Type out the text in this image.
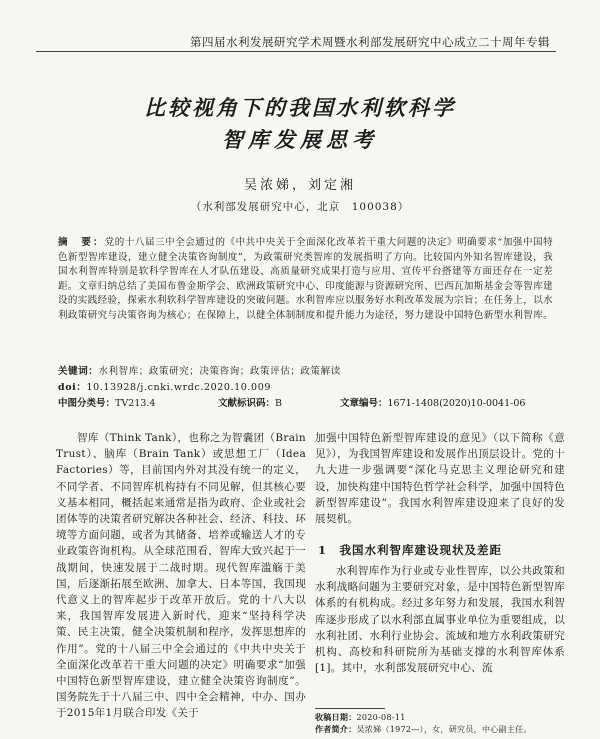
第四届水利发展研究学术周暨水利部发展研究中心成立二十周年专辑
比较视角下的我国水利软科学
智库发展思考
吴浓娣，刘定湘
（水利部发展研究中心，北京　100038）
摘　要：党的十八届三中全会通过的《中共中央关于全面深化改革若干重大问题的决定》明确要求“加强中国特色新型智库建设，建立健全决策咨询制度”，为政策研究类智库的发展指明了方向。比较国内外知名智库建设，我国水利智库特别是软科学智库在人才队伍建设、高质量研究成果打造与应用、宣传平台搭建等方面还存在一定差距。文章归纳总结了美国布鲁金斯学会、欧洲政策研究中心、印度能源与资源研究所、巴西瓦加斯基金会等智库建设的实践经验，探索水利软科学智库建设的突破问题。水利智库应以服务好水利改革发展为宗旨；在任务上，以水利政策研究与决策咨询为核心；在保障上，以健全体制制度和提升能力为途径，努力建设中国特色新型水利智库。
关键词：水利智库；政策研究；决策咨询；政策评估；政策解读
doi：10.13928/j.cnki.wrdc.2020.10.009
中图分类号：TV213.4	文献标识码：B	文章编号：1671-1408(2020)10-0041-06

智库（Think Tank），也称之为智囊团（Brain Trust）、脑库（Brain Tank）或思想工厂（Idea Factories）等，目前国内外对其没有统一的定义，不同学者、不同智库机构持有不同见解，但其核心要义基本相同，概括起来通常是指为政府、企业或社会团体等的决策者研究解决各种社会、经济、科技、环境等方面问题，或者为其储备、培养或输送人才的专业政策咨询机构。从全球范围看，智库大致兴起于一战期间，快速发展于二战时期。现代智库滥觞于美国，后逐渐拓展至欧洲、加拿大、日本等国，我国现代意义上的智库起步于改革开放后。党的十八大以来，我国智库发展进入新时代，迎来“坚持科学决策、民主决策，健全决策机制和程序，发挥思想库的作用”。党的十八届三中全会通过的《中共中央关于全面深化改革若干重大问题的决定》明确要求“加强中国特色新型智库建设，建立健全决策咨询制度”。国务院先于十八届三中、四中全会精神，中办、国办于2015年1月联合印发《关于

加强中国特色新型智库建设的意见》（以下简称《意见》），为我国智库建设和发展作出顶层设计。党的十九大进一步强调要“深化马克思主义理论研究和建设，加快构建中国特色哲学社会科学，加强中国特色新型智库建设”。我国水利智库建设迎来了良好的发展契机。

1　我国水利智库建设现状及差距

水利智库作为行业或专业性智库，以公共政策和水利战略问题为主要研究对象，是中国特色新型智库体系的有机构成。经过多年努力和发展，我国水利智库逐步形成了以水利部直属事业单位为重要组成，以水利社团、水利行业协会、流域和地方水利政策研究机构、高校和科研院所为基础支撑的水利智库体系[1]。其中，水利部发展研究中心、流

收稿日期：2020-08-11
作者简介：吴浓娣（1972—），女，研究员，中心副主任。
